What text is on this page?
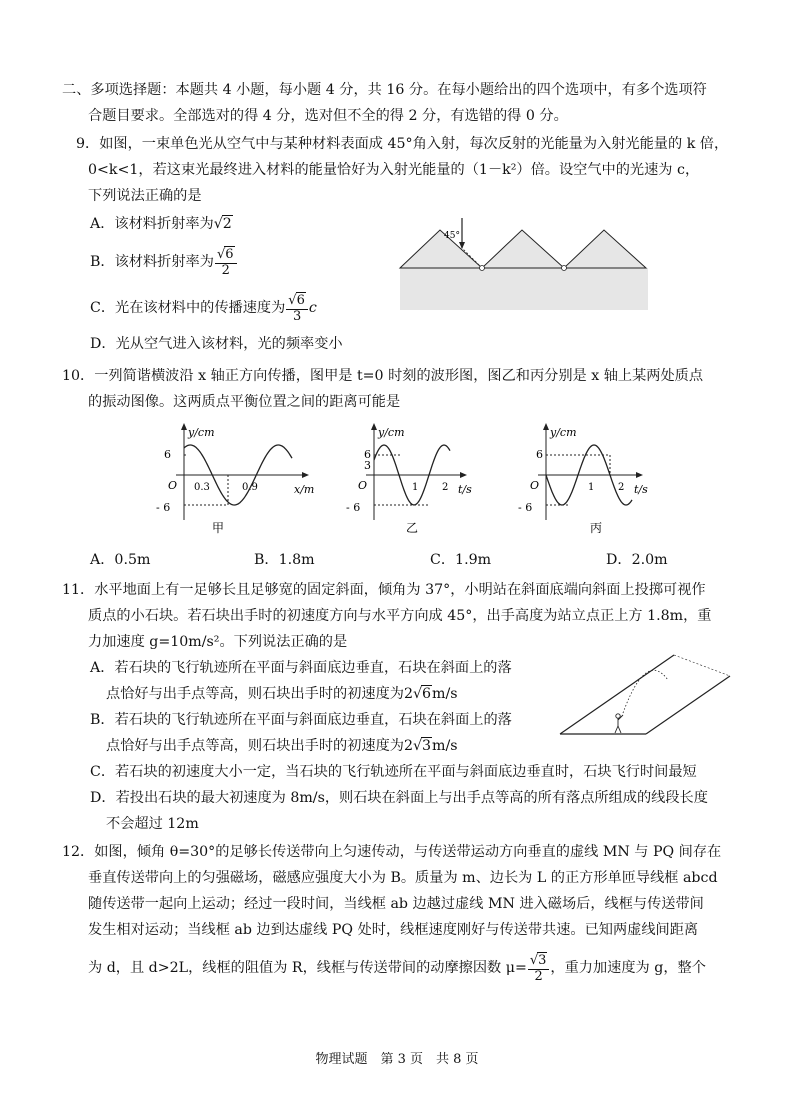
二、多项选择题：本题共 4 小题，每小题 4 分，共 16 分。在每小题给出的四个选项中，有多个选项符
合题目要求。全部选对的得 4 分，选对但不全的得 2 分，有选错的得 0 分。
9．如图，一束单色光从空气中与某种材料表面成 45°角入射，每次反射的光能量为入射光能量的 k 倍，
0<k<1，若这束光最终进入材料的能量恰好为入射光能量的（1－k²）倍。设空气中的光速为 c，
下列说法正确的是
A．该材料折射率为√2
B．该材料折射率为 $\frac{√6}{2}$
C．光在该材料中的传播速度为 $\frac{√6}{3}$ c
D．光从空气进入该材料，光的频率变小
45°
10．一列简谐横波沿 x 轴正方向传播，图甲是 t=0 时刻的波形图，图乙和丙分别是 x 轴上某两处质点
的振动图像。这两质点平衡位置之间的距离可能是
y/cm
x/m
6
- 6
O 0.3	0.9
甲
y/cm
t/s
6
3
- 6
O	1 2
乙
y/cm
t/s
6
- 6
O	1 2
丙
A．0.5m	B．1.8m	C．1.9m	D．2.0m
11．水平地面上有一足够长且足够宽的固定斜面，倾角为 37°，小明站在斜面底端向斜面上投掷可视作
质点的小石块。若石块出手时的初速度方向与水平方向成 45°，出手高度为站立点正上方 1.8m，重
力加速度 g=10m/s²。下列说法正确的是
A．若石块的飞行轨迹所在平面与斜面底边垂直，石块在斜面上的落
点恰好与出手点等高，则石块出手时的初速度为2√6m/s
B．若石块的飞行轨迹所在平面与斜面底边垂直，石块在斜面上的落
点恰好与出手点等高，则石块出手时的初速度为2√3m/s
C．若石块的初速度大小一定，当石块的飞行轨迹所在平面与斜面底边垂直时，石块飞行时间最短
D．若投出石块的最大初速度为 8m/s，则石块在斜面上与出手点等高的所有落点所组成的线段长度
不会超过 12m
12．如图，倾角 θ=30°的足够长传送带向上匀速传动，与传送带运动方向垂直的虚线 MN 与 PQ 间存在
垂直传送带向上的匀强磁场，磁感应强度大小为 B。质量为 m、边长为 L 的正方形单匝导线框 abcd
随传送带一起向上运动；经过一段时间，当线框 ab 边越过虚线 MN 进入磁场后，线框与传送带间
发生相对运动；当线框 ab 边到达虚线 PQ 处时，线框速度刚好与传送带共速。已知两虚线间距离
为 d，且 d>2L，线框的阻值为 R，线框与传送带间的动摩擦因数 $\mu= \frac{√3}{2}$ ，重力加速度为 g，整个
物理试题　第 3 页　共 8 页
